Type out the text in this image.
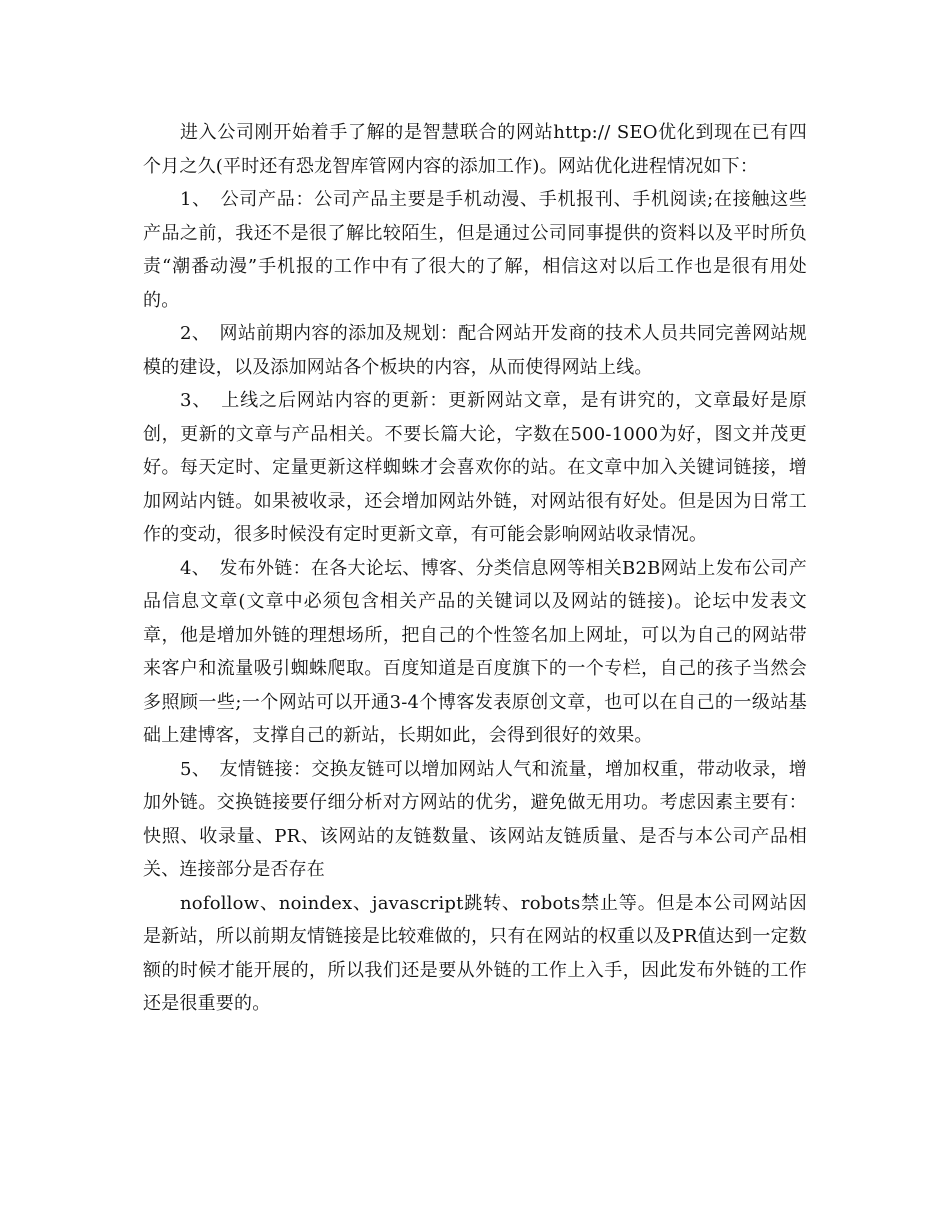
进入公司刚开始着手了解的是智慧联合的网站http:// SEO优化到现在已有四个月之久(平时还有恐龙智库管网内容的添加工作)。网站优化进程情况如下：

1、　公司产品：公司产品主要是手机动漫、手机报刊、手机阅读;在接触这些产品之前，我还不是很了解比较陌生，但是通过公司同事提供的资料以及平时所负责“潮番动漫”手机报的工作中有了很大的了解，相信这对以后工作也是很有用处的。

2、　网站前期内容的添加及规划：配合网站开发商的技术人员共同完善网站规模的建设，以及添加网站各个板块的内容，从而使得网站上线。

3、　上线之后网站内容的更新：更新网站文章，是有讲究的，文章最好是原创，更新的文章与产品相关。不要长篇大论，字数在500-1000为好，图文并茂更好。每天定时、定量更新这样蜘蛛才会喜欢你的站。在文章中加入关键词链接，增加网站内链。如果被收录，还会增加网站外链，对网站很有好处。但是因为日常工作的变动，很多时候没有定时更新文章，有可能会影响网站收录情况。

4、　发布外链：在各大论坛、博客、分类信息网等相关B2B网站上发布公司产品信息文章(文章中必须包含相关产品的关键词以及网站的链接)。论坛中发表文章，他是增加外链的理想场所，把自己的个性签名加上网址，可以为自己的网站带来客户和流量吸引蜘蛛爬取。百度知道是百度旗下的一个专栏，自己的孩子当然会多照顾一些;一个网站可以开通3-4个博客发表原创文章，也可以在自己的一级站基础上建博客，支撑自己的新站，长期如此，会得到很好的效果。

5、　友情链接：交换友链可以增加网站人气和流量，增加权重，带动收录，增加外链。交换链接要仔细分析对方网站的优劣，避免做无用功。考虑因素主要有：快照、收录量、PR、该网站的友链数量、该网站友链质量、是否与本公司产品相关、连接部分是否存在

nofollow、noindex、javascript跳转、robots禁止等。但是本公司网站因是新站，所以前期友情链接是比较难做的，只有在网站的权重以及PR值达到一定数额的时候才能开展的，所以我们还是要从外链的工作上入手，因此发布外链的工作还是很重要的。
